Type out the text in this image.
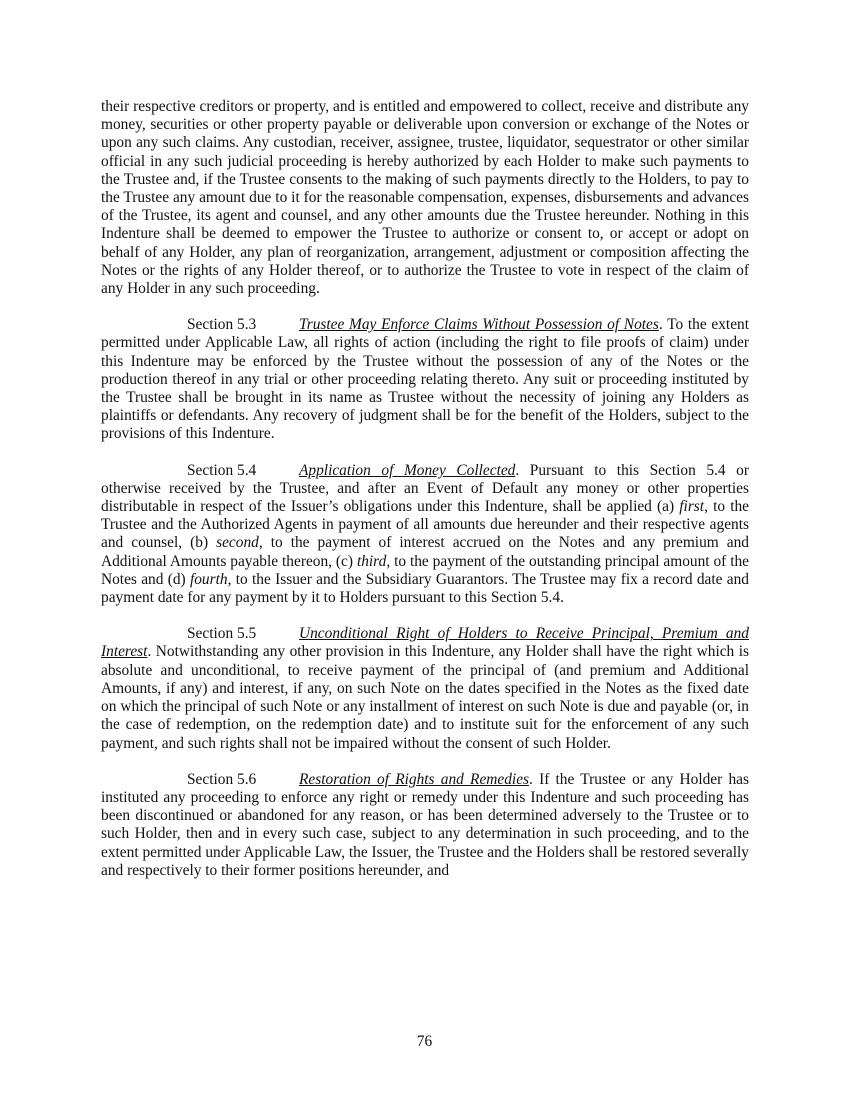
their respective creditors or property, and is entitled and empowered to collect, receive and distribute any money, securities or other property payable or deliverable upon conversion or exchange of the Notes or upon any such claims. Any custodian, receiver, assignee, trustee, liquidator, sequestrator or other similar official in any such judicial proceeding is hereby authorized by each Holder to make such payments to the Trustee and, if the Trustee consents to the making of such payments directly to the Holders, to pay to the Trustee any amount due to it for the reasonable compensation, expenses, disbursements and advances of the Trustee, its agent and counsel, and any other amounts due the Trustee hereunder. Nothing in this Indenture shall be deemed to empower the Trustee to authorize or consent to, or accept or adopt on behalf of any Holder, any plan of reorganization, arrangement, adjustment or composition affecting the Notes or the rights of any Holder thereof, or to authorize the Trustee to vote in respect of the claim of any Holder in any such proceeding.

Section 5.3	Trustee May Enforce Claims Without Possession of Notes. To the extent permitted under Applicable Law, all rights of action (including the right to file proofs of claim) under this Indenture may be enforced by the Trustee without the possession of any of the Notes or the production thereof in any trial or other proceeding relating thereto. Any suit or proceeding instituted by the Trustee shall be brought in its name as Trustee without the necessity of joining any Holders as plaintiffs or defendants. Any recovery of judgment shall be for the benefit of the Holders, subject to the provisions of this Indenture.

Section 5.4	Application of Money Collected. Pursuant to this Section 5.4 or otherwise received by the Trustee, and after an Event of Default any money or other properties distributable in respect of the Issuer’s obligations under this Indenture, shall be applied (a) first, to the Trustee and the Authorized Agents in payment of all amounts due hereunder and their respective agents and counsel, (b) second, to the payment of interest accrued on the Notes and any premium and Additional Amounts payable thereon, (c) third, to the payment of the outstanding principal amount of the Notes and (d) fourth, to the Issuer and the Subsidiary Guarantors. The Trustee may fix a record date and payment date for any payment by it to Holders pursuant to this Section 5.4.

Section 5.5	Unconditional Right of Holders to Receive Principal, Premium and Interest. Notwithstanding any other provision in this Indenture, any Holder shall have the right which is absolute and unconditional, to receive payment of the principal of (and premium and Additional Amounts, if any) and interest, if any, on such Note on the dates specified in the Notes as the fixed date on which the principal of such Note or any installment of interest on such Note is due and payable (or, in the case of redemption, on the redemption date) and to institute suit for the enforcement of any such payment, and such rights shall not be impaired without the consent of such Holder.

Section 5.6	Restoration of Rights and Remedies. If the Trustee or any Holder has instituted any proceeding to enforce any right or remedy under this Indenture and such proceeding has been discontinued or abandoned for any reason, or has been determined adversely to the Trustee or to such Holder, then and in every such case, subject to any determination in such proceeding, and to the extent permitted under Applicable Law, the Issuer, the Trustee and the Holders shall be restored severally and respectively to their former positions hereunder, and

76
